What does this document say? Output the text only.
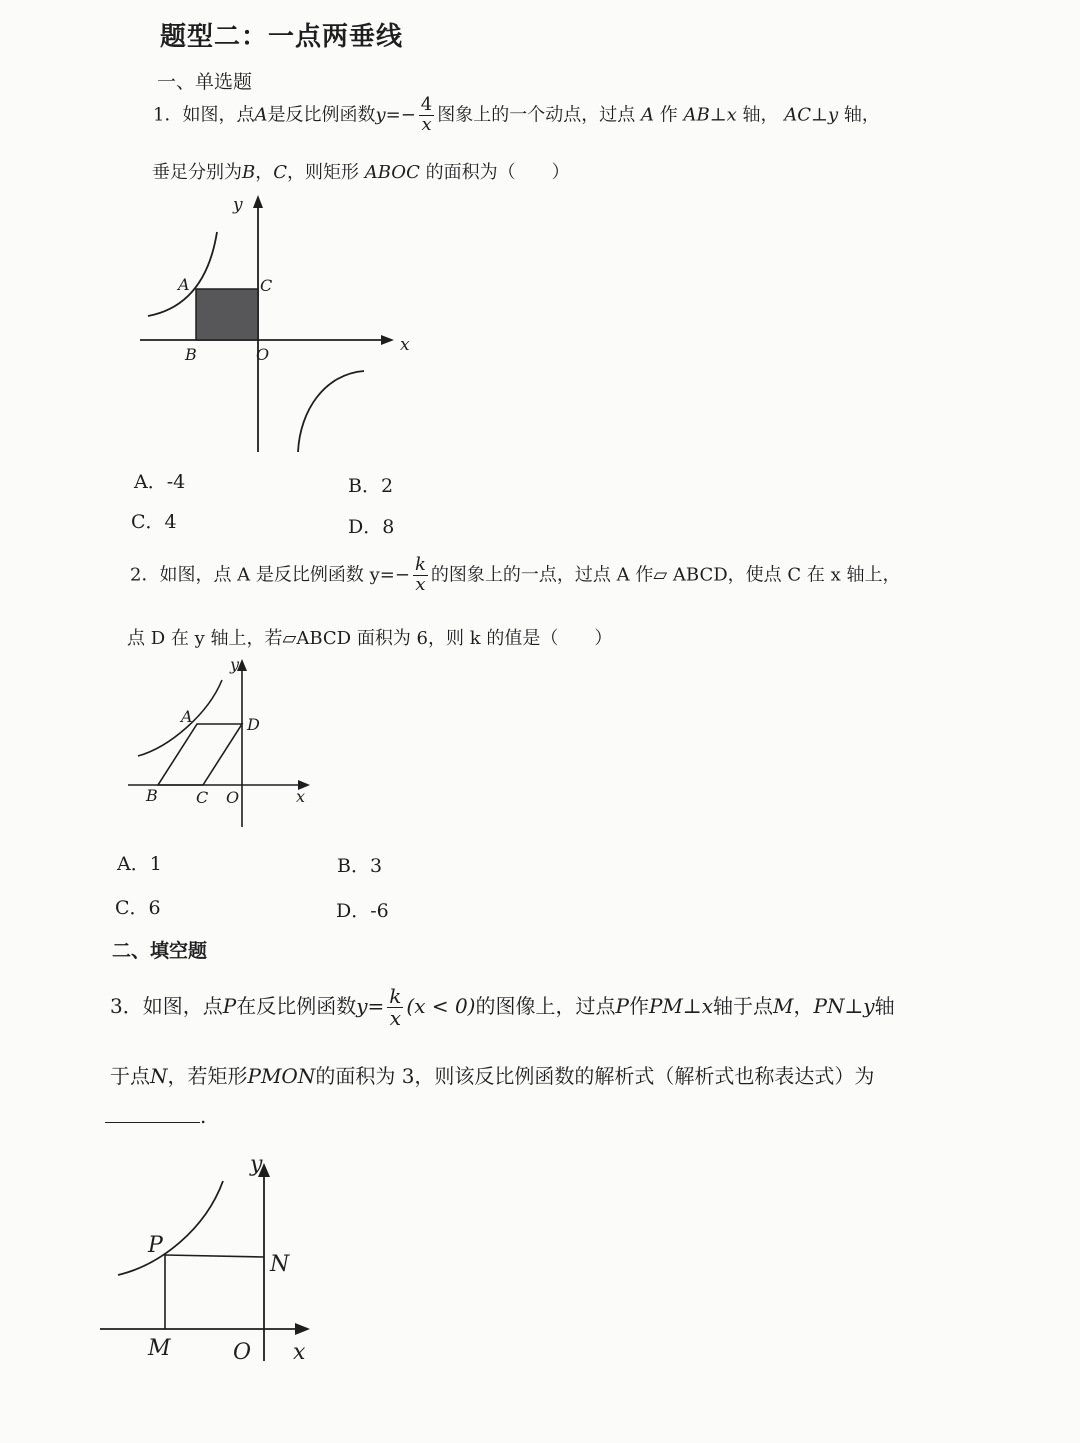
题型二：一点两垂线
一、单选题
1．如图，点A是反比例函数$y=- \frac{4}{x}$ 图象上的一个动点，过点 A 作 AB⊥x 轴， AC⊥y 轴，
垂足分别为B，C，则矩形 ABOC 的面积为（　　）
y
x
A	C
B	O
A．-4	B．2
C．4	D．8
2．如图，点 A 是反比例函数 $y=- \frac{k}{x}$ 的图象上的一点，过点 A 作▱ ABCD，使点 C 在 x 轴上，
点 D 在 y 轴上，若▱ABCD 面积为 6，则 k 的值是（　　）
y
x
A	D
B C O
A．1	B．3
C．6	D．-6
二、填空题
3．如图，点P在反比例函数$y= \frac{k}{x} (x < 0)$的图像上，过点P作PM⊥x轴于点M，PN⊥y轴
于点N，若矩形PMON的面积为 3，则该反比例函数的解析式（解析式也称表达式）为
.
y
x
P
N
M	O
